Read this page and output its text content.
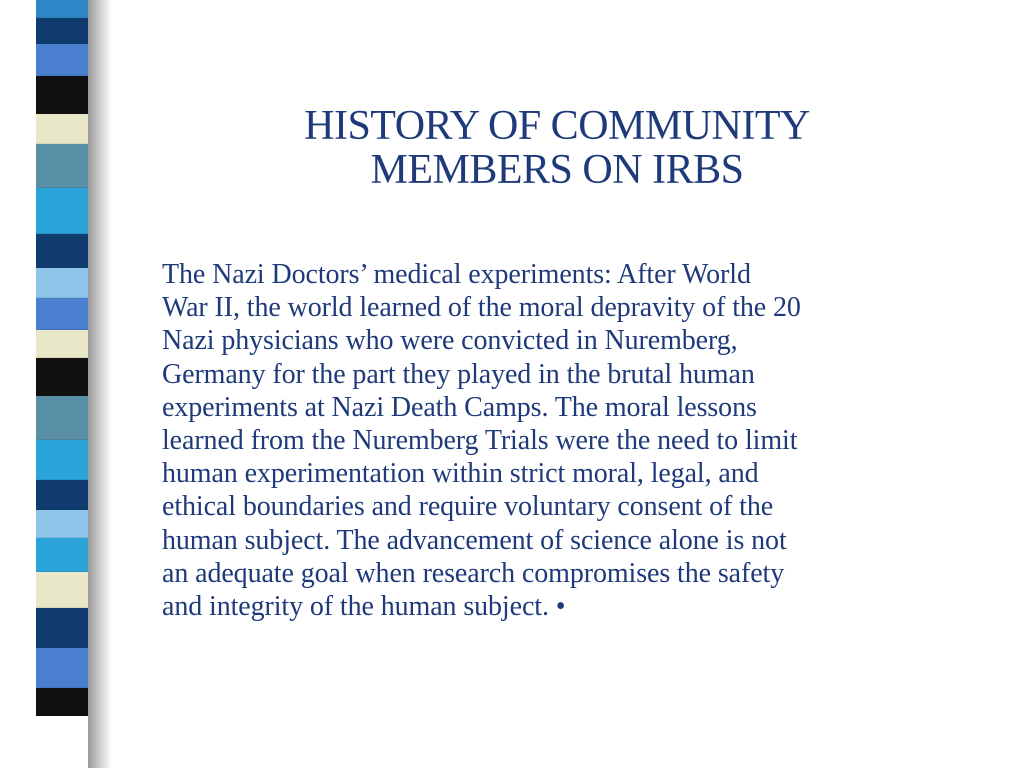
HISTORY OF COMMUNITY
MEMBERS ON IRBS
The Nazi Doctors’ medical experiments: After World
War II, the world learned of the moral depravity of the 20
Nazi physicians who were convicted in Nuremberg,
Germany for the part they played in the brutal human
experiments at Nazi Death Camps. The moral lessons
learned from the Nuremberg Trials were the need to limit
human experimentation within strict moral, legal, and
ethical boundaries and require voluntary consent of the
human subject. The advancement of science alone is not
an adequate goal when research compromises the safety
and integrity of the human subject. •
